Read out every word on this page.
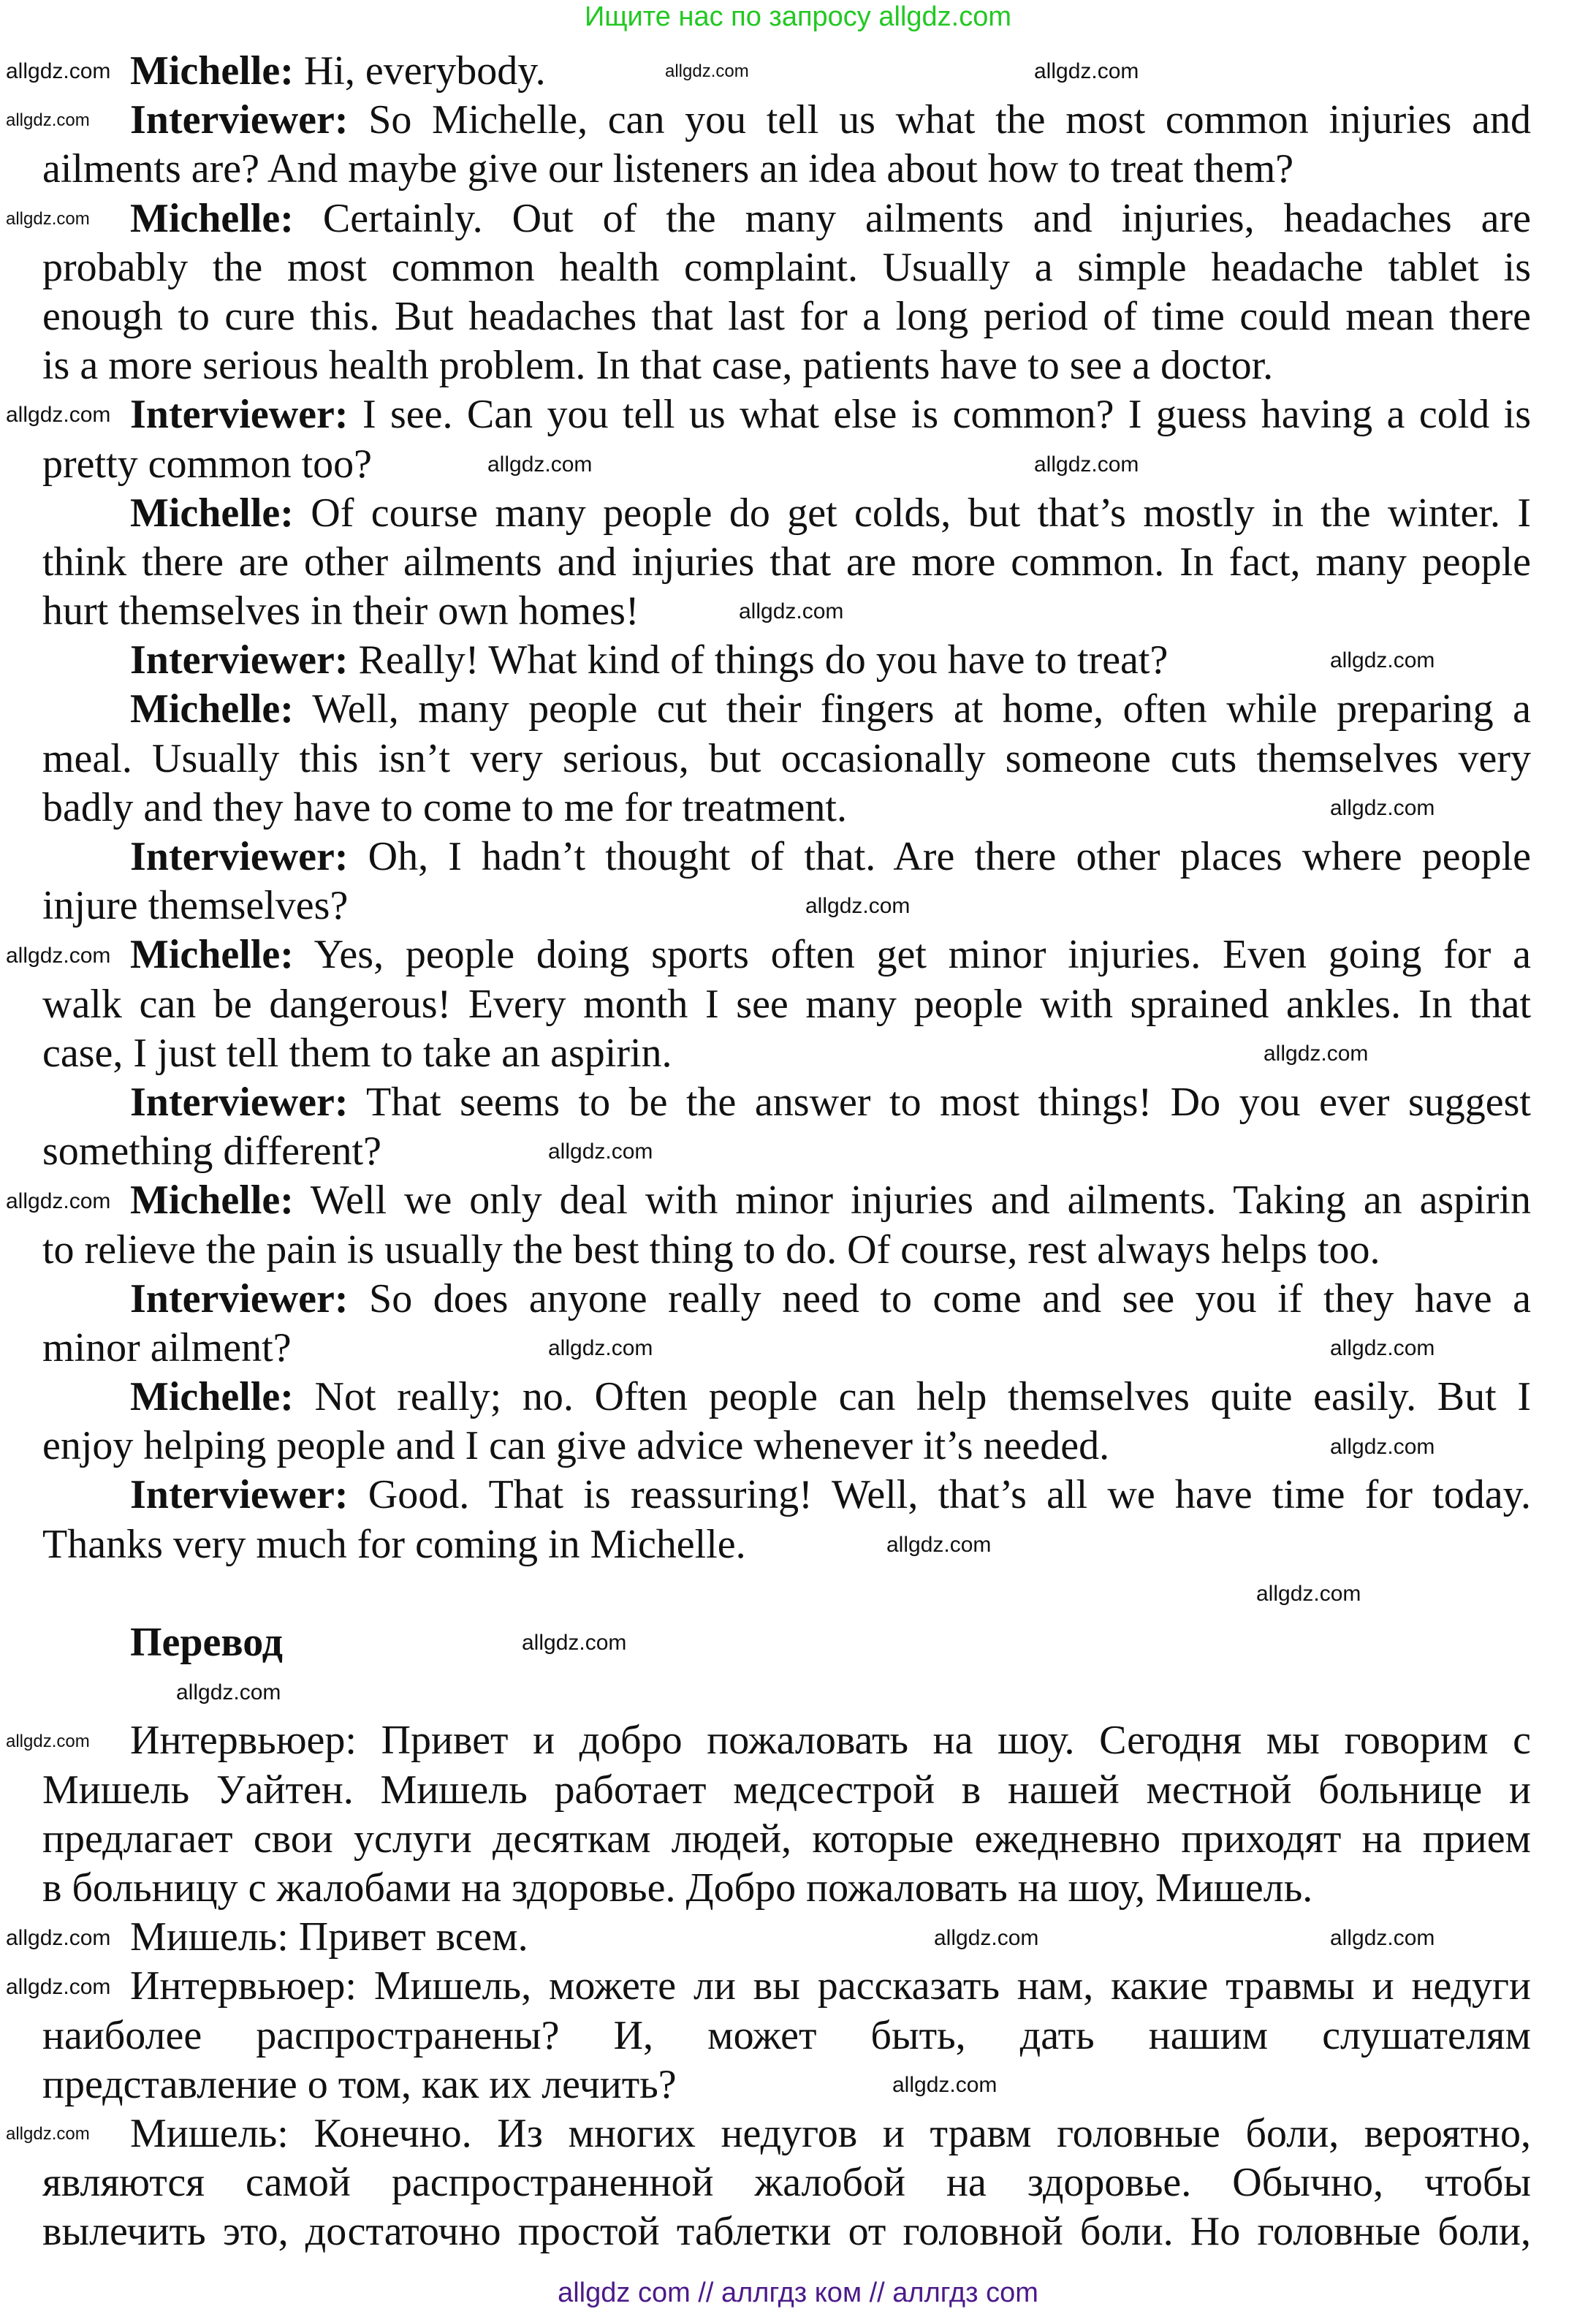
Ищите нас по запросу allgdz.com
Michelle: Hi, everybody.
Interviewer: So Michelle, can you tell us what the most common injuries and
ailments are? And maybe give our listeners an idea about how to treat them?
Michelle: Certainly. Out of the many ailments and injuries, headaches are
probably the most common health complaint. Usually a simple headache tablet is
enough to cure this. But headaches that last for a long period of time could mean there
is a more serious health problem. In that case, patients have to see a doctor.
Interviewer: I see. Can you tell us what else is common? I guess having a cold is
pretty common too?
Michelle: Of course many people do get colds, but that’s mostly in the winter. I
think there are other ailments and injuries that are more common. In fact, many people
hurt themselves in their own homes!
Interviewer: Really! What kind of things do you have to treat?
Michelle: Well, many people cut their fingers at home, often while preparing a
meal. Usually this isn’t very serious, but occasionally someone cuts themselves very
badly and they have to come to me for treatment.
Interviewer: Oh, I hadn’t thought of that. Are there other places where people
injure themselves?
Michelle: Yes, people doing sports often get minor injuries. Even going for a
walk can be dangerous! Every month I see many people with sprained ankles. In that
case, I just tell them to take an aspirin.
Interviewer: That seems to be the answer to most things! Do you ever suggest
something different?
Michelle: Well we only deal with minor injuries and ailments. Taking an aspirin
to relieve the pain is usually the best thing to do. Of course, rest always helps too.
Interviewer: So does anyone really need to come and see you if they have a
minor ailment?
Michelle: Not really; no. Often people can help themselves quite easily. But I
enjoy helping people and I can give advice whenever it’s needed.
Interviewer: Good. That is reassuring! Well, that’s all we have time for today.
Thanks very much for coming in Michelle.
Перевод
Интервьюер: Привет и добро пожаловать на шоу. Сегодня мы говорим с
Мишель Уайтен. Мишель работает медсестрой в нашей местной больнице и
предлагает свои услуги десяткам людей, которые ежедневно приходят на прием
в больницу с жалобами на здоровье. Добро пожаловать на шоу, Мишель.
Мишель: Привет всем.
Интервьюер: Мишель, можете ли вы рассказать нам, какие травмы и недуги
наиболее распространены? И, может быть, дать нашим слушателям
представление о том, как их лечить?
Мишель: Конечно. Из многих недугов и травм головные боли, вероятно,
являются самой распространенной жалобой на здоровье. Обычно, чтобы
вылечить это, достаточно простой таблетки от головной боли. Но головные боли,
allgdz.com	allgdz.com	allgdz.com
allgdz.com
allgdz.com
allgdz.com
allgdz.com	allgdz.com
allgdz.com
allgdz.com
allgdz.com
allgdz.com
allgdz.com
allgdz.com
allgdz.com
allgdz.com
allgdz.com
allgdz.com
allgdz.com
allgdz.com
allgdz.com
allgdz.com
allgdz.com
allgdz.com
allgdz.com
allgdz.com
allgdz.com
allgdz.com
allgdz.com
allgdz.com
allgdz com // аллгдз ком // аллгдз com
